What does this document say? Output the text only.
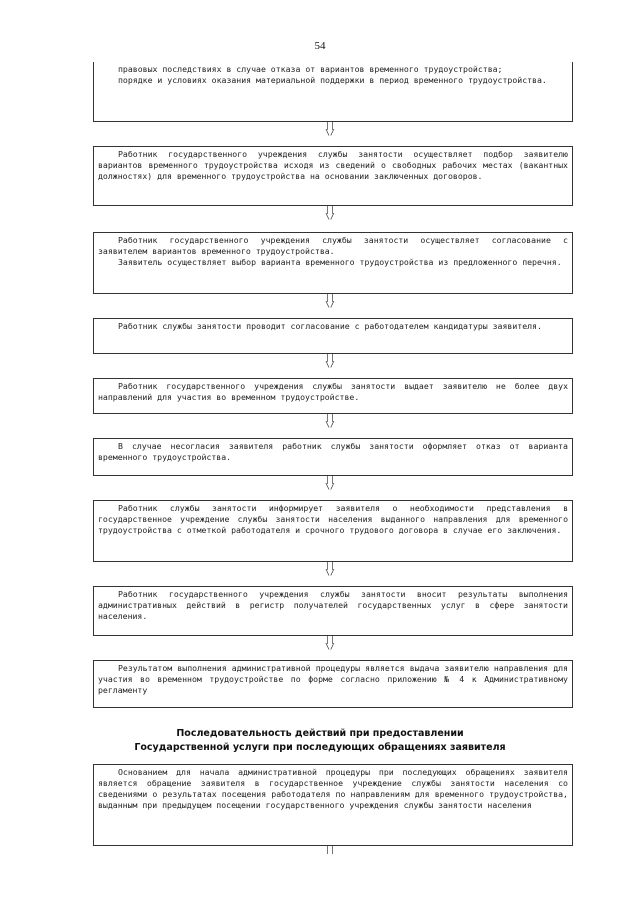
54

правовых последствиях в случае отказа от вариантов временного трудоустройства;

порядке и условиях оказания материальной поддержки в период временного трудоустройства.

||
\/

Работник государственного учреждения службы занятости осуществляет подбор заявителю вариантов временного трудоустройства исходя из сведений о свободных рабочих местах (вакантных должностях) для временного трудоустройства на основании заключенных договоров.

||
\/

Работник государственного учреждения службы занятости осуществляет согласование с заявителем вариантов временного трудоустройства.

Заявитель осуществляет выбор варианта временного трудоустройства из предложенного перечня.

||
\/

Работник службы занятости проводит согласование с работодателем кандидатуры заявителя.

||
\/

Работник государственного учреждения службы занятости выдает заявителю не более двух направлений для участия во временном трудоустройстве.

||
\/

В случае несогласия заявителя работник службы занятости оформляет отказ от варианта временного трудоустройства.

||
\/

Работник службы занятости информирует заявителя о необходимости представления в государственное учреждение службы занятости населения выданного направления для временного трудоустройства с отметкой работодателя и срочного трудового договора в случае его заключения.

||
\/

Работник государственного учреждения службы занятости вносит результаты выполнения административных действий в регистр получателей государственных услуг в сфере занятости населения.

||
\/

Результатом выполнения административной процедуры является выдача заявителю направления для участия во временном трудоустройстве по форме согласно приложению № 4 к Административному регламенту

Последовательность действий при предоставлении
Государственной услуги при последующих обращениях заявителя

Основанием для начала административной процедуры при последующих обращениях заявителя является обращение заявителя в государственное учреждение службы занятости населения со сведениями о результатах посещения работодателя по направлениям для временного трудоустройства, выданным при предыдущем посещении государственного учреждения службы занятости населения

||
